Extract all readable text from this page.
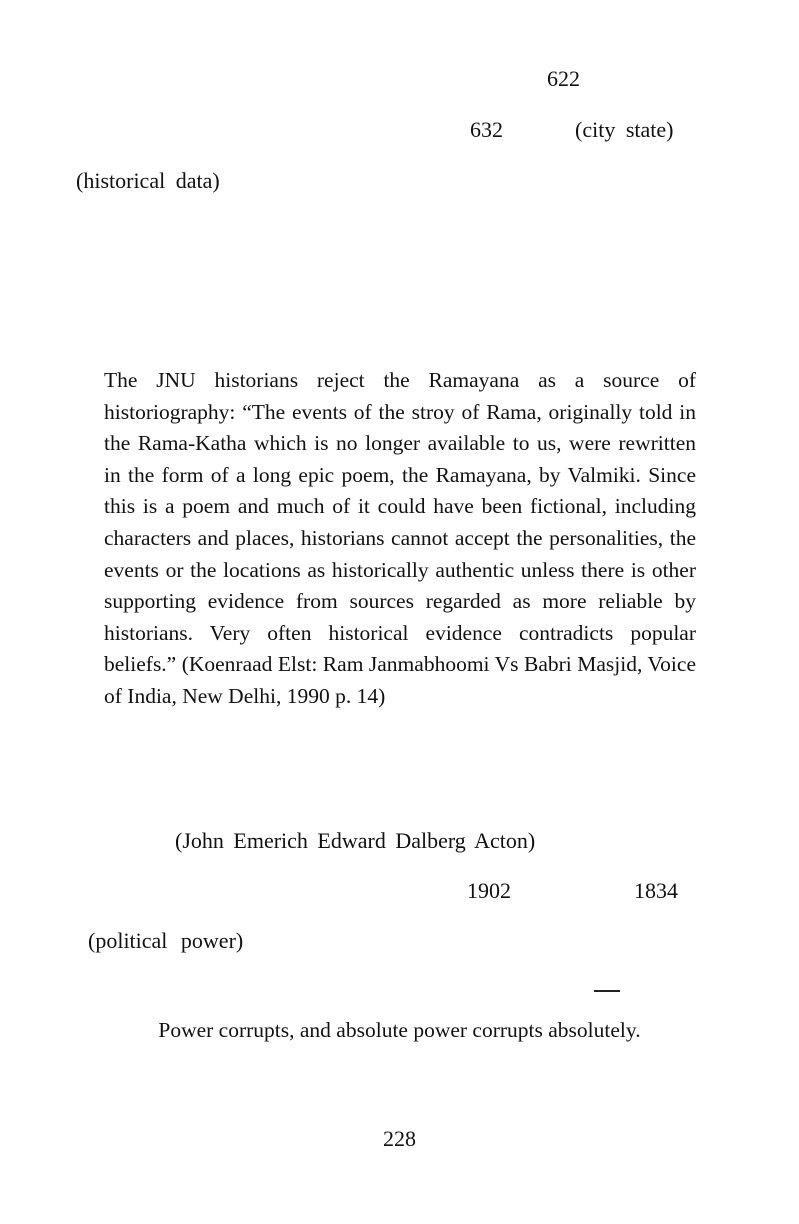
622

632	(city state)

(historical data)

The JNU historians reject the Ramayana as a source of historiography: “The events of the stroy of Rama, originally told in the Rama-Katha which is no longer available to us, were rewritten in the form of a long epic poem, the Ramayana, by Valmiki. Since this is a poem and much of it could have been fictional, including characters and places, historians cannot accept the personalities, the events or the locations as historically authentic unless there is other supporting evidence from sources regarded as more reliable by historians. Very often historical evidence contradicts popular beliefs.” (Koenraad Elst: Ram Janmabhoomi Vs Babri Masjid, Voice of India, New Delhi, 1990 p. 14)

(John Emerich Edward Dalberg Acton)

1902	1834

(political power)

Power corrupts, and absolute power corrupts absolutely.

228
